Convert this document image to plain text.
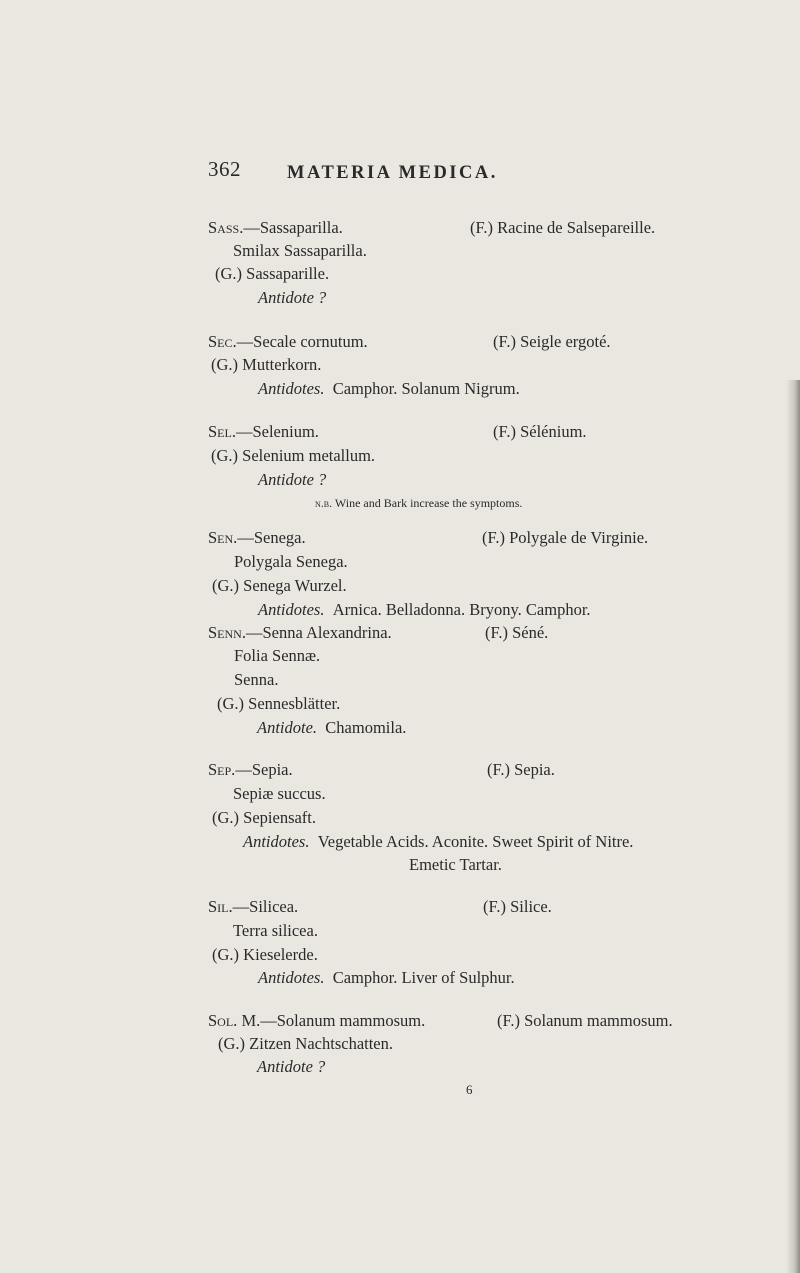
362 MATERIA MEDICA.
Sass.—Sassaparilla.	(F.) Racine de Salsepareille.
Smilax Sassaparilla.
(G.) Sassaparille.
Antidote ?
Sec.—Secale cornutum.	(F.) Seigle ergoté.
(G.) Mutterkorn.
Antidotes. Camphor. Solanum Nigrum.
Sel.—Selenium.	(F.) Sélénium.
(G.) Selenium metallum.
Antidote ?
n.b. Wine and Bark increase the symptoms.
Sen.—Senega.	(F.) Polygale de Virginie.
Polygala Senega.
(G.) Senega Wurzel.
Antidotes. Arnica. Belladonna. Bryony. Camphor.
Senn.—Senna Alexandrina.	(F.) Séné.
Folia Sennæ.
Senna.
(G.) Sennesblätter.
Antidote. Chamomila.
Sep.—Sepia.	(F.) Sepia.
Sepiæ succus.
(G.) Sepiensaft.
Antidotes. Vegetable Acids. Aconite. Sweet Spirit of Nitre.
Emetic Tartar.
Sil.—Silicea.	(F.) Silice.
Terra silicea.
(G.) Kieselerde.
Antidotes. Camphor. Liver of Sulphur.
Sol. M.—Solanum mammosum.	(F.) Solanum mammosum.
(G.) Zitzen Nachtschatten.
Antidote ?
6
